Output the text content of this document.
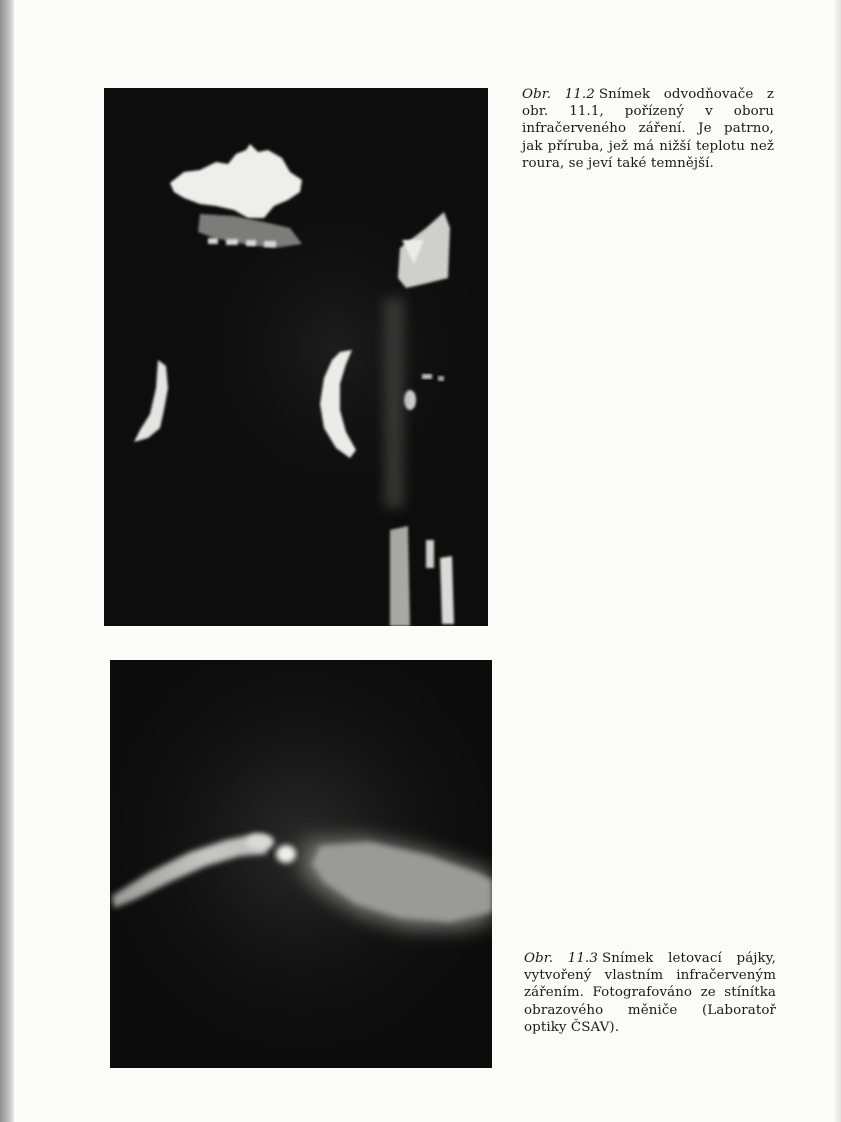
Obr. 11.2 Snímek odvodňovače z obr. 11.1, pořízený v oboru infračerveného záření. Je patrno, jak příruba, jež má nižší teplotu než roura, se jeví také temnější.
Obr. 11.3 Snímek letovací pájky, vytvořený vlastním infračerveným zářením. Fotografováno ze stínítka obrazového měniče (Laboratoř optiky ČSAV).
